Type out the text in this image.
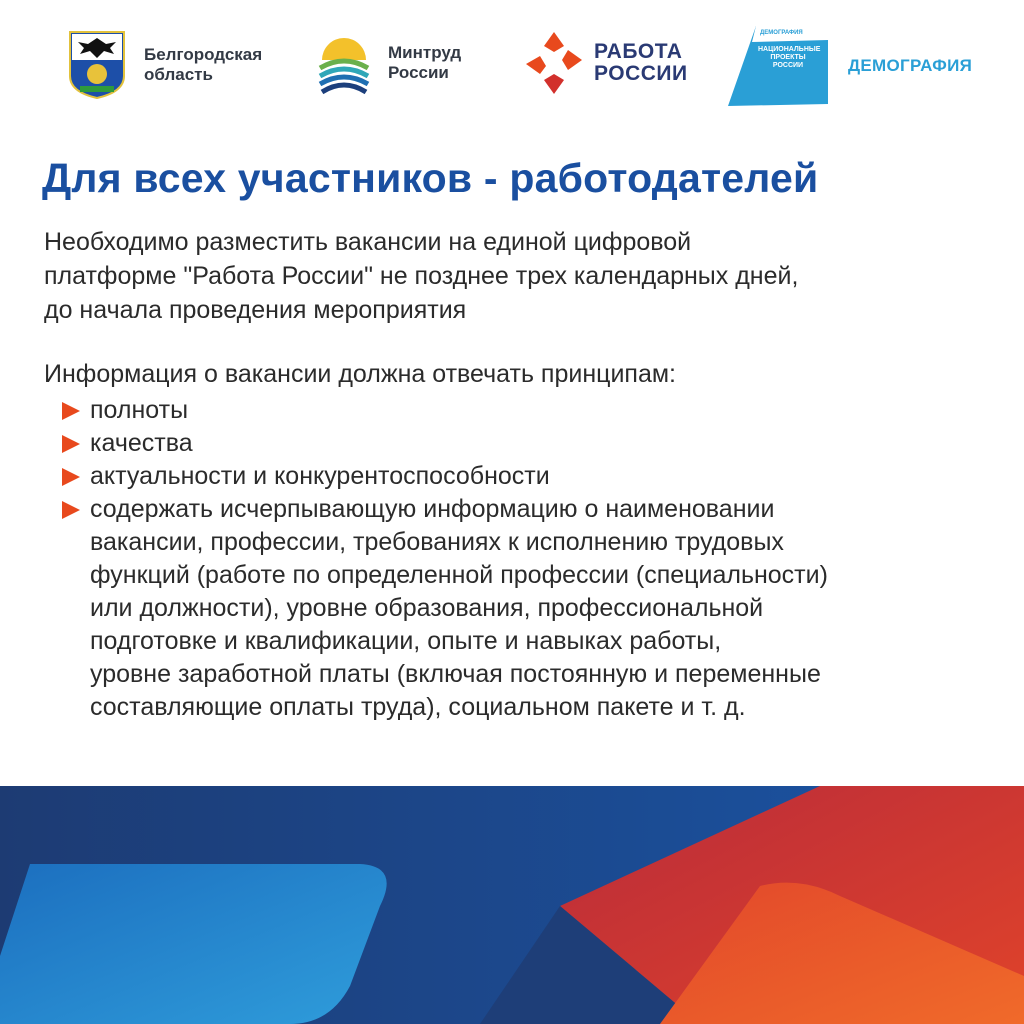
Белгородская
область
Минтруд
России
РАБОТА
РОССИИ
ДЕМОГРАФИЯ
НАЦИОНАЛЬНЫЕ
ПРОЕКТЫ
РОССИИ	ДЕМОГРАФИЯ
Для всех участников - работодателей
Необходимо разместить вакансии на единой цифровой
платформе "Работа России" не позднее трех календарных дней,
до начала проведения мероприятия
Информация о вакансии должна отвечать принципам:
полноты
качества
актуальности и конкурентоспособности
содержать исчерпывающую информацию о наименовании
вакансии, профессии, требованиях к исполнению трудовых
функций (работе по определенной профессии (специальности)
или должности), уровне образования, профессиональной
подготовке и квалификации, опыте и навыках работы,
уровне заработной платы (включая постоянную и переменные
составляющие оплаты труда), социальном пакете и т. д.
